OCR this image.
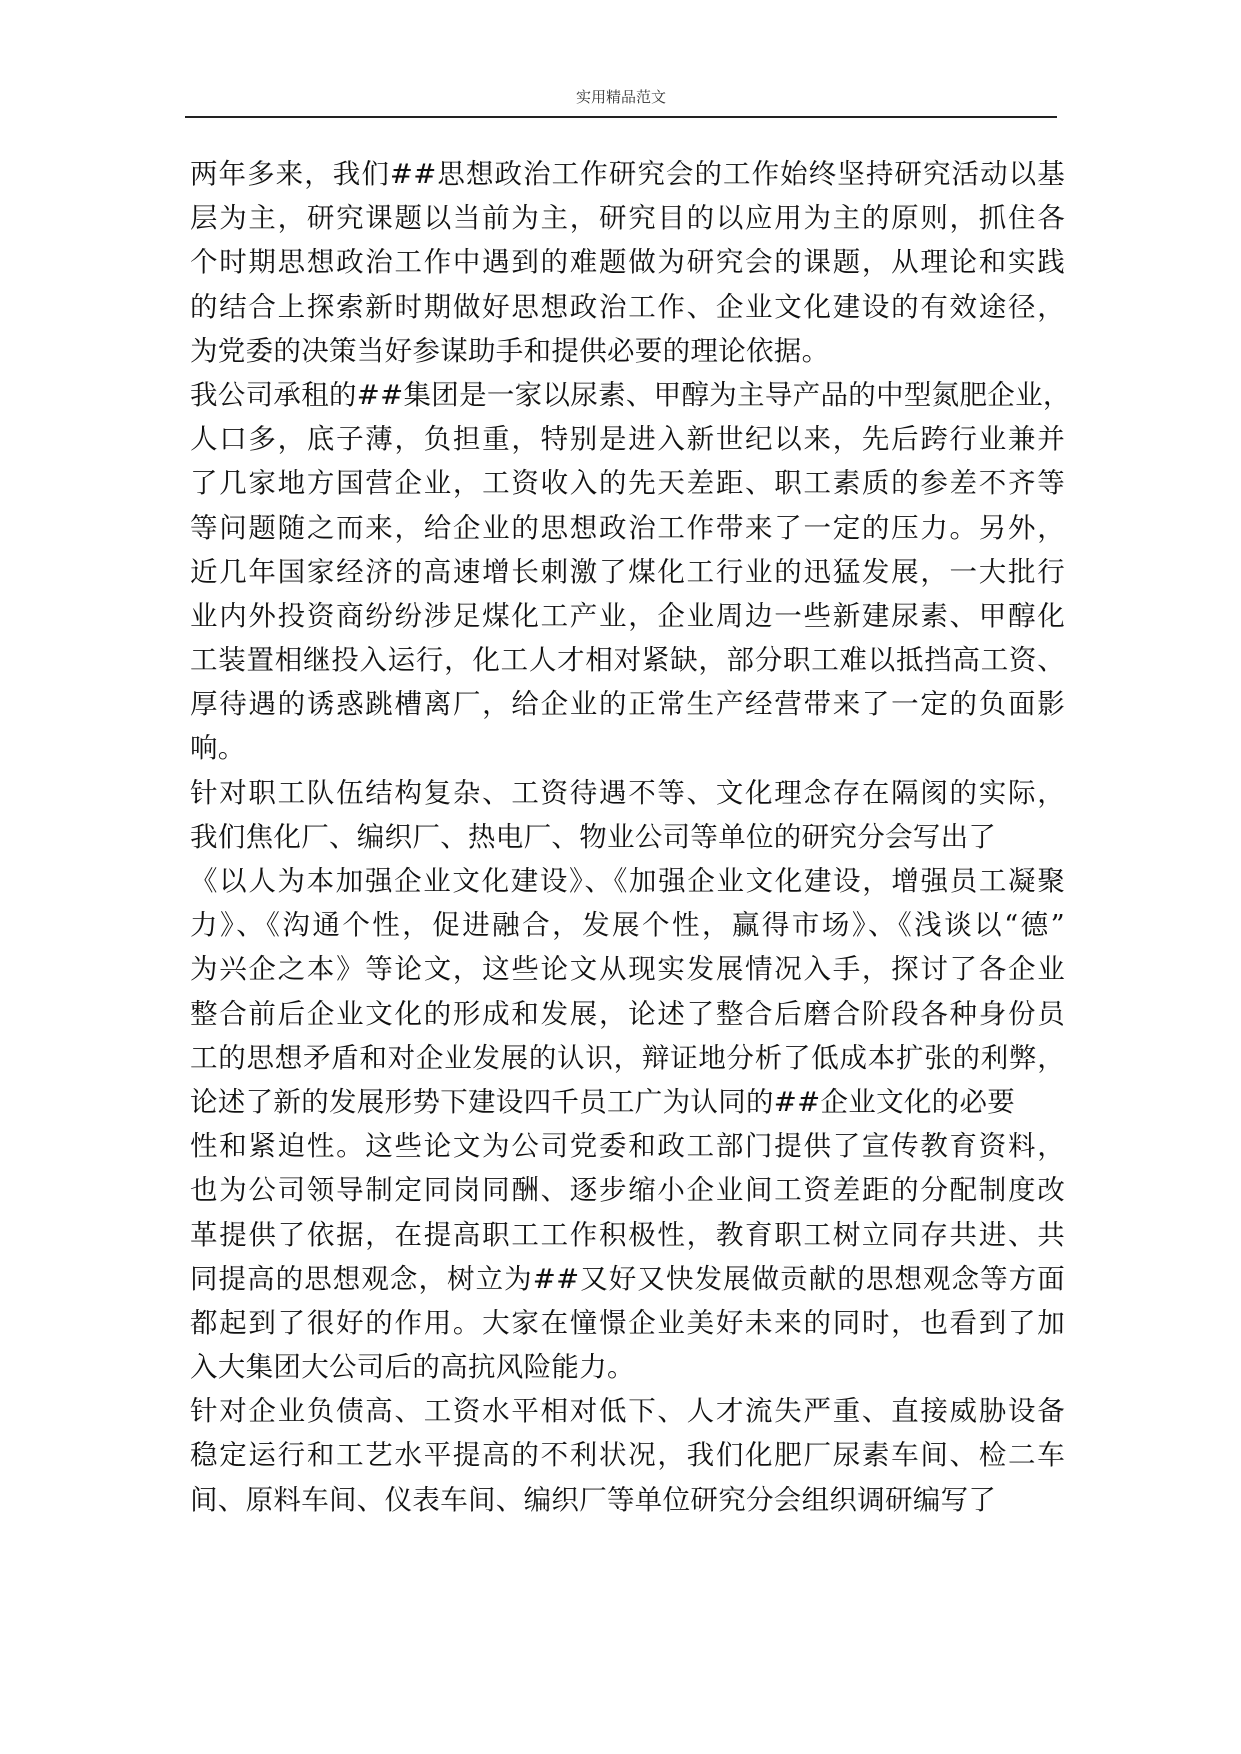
实用精品范文
两年多来，我们##思想政治工作研究会的工作始终坚持研究活动以基
层为主，研究课题以当前为主，研究目的以应用为主的原则，抓住各
个时期思想政治工作中遇到的难题做为研究会的课题，从理论和实践
的结合上探索新时期做好思想政治工作、企业文化建设的有效途径，
为党委的决策当好参谋助手和提供必要的理论依据。
我公司承租的##集团是一家以尿素、甲醇为主导产品的中型氮肥企业，
人口多，底子薄，负担重，特别是进入新世纪以来，先后跨行业兼并
了几家地方国营企业，工资收入的先天差距、职工素质的参差不齐等
等问题随之而来，给企业的思想政治工作带来了一定的压力。另外，
近几年国家经济的高速增长刺激了煤化工行业的迅猛发展，一大批行
业内外投资商纷纷涉足煤化工产业，企业周边一些新建尿素、甲醇化
工装置相继投入运行，化工人才相对紧缺，部分职工难以抵挡高工资、
厚待遇的诱惑跳槽离厂，给企业的正常生产经营带来了一定的负面影
响。
针对职工队伍结构复杂、工资待遇不等、文化理念存在隔阂的实际，
我们焦化厂、编织厂、热电厂、物业公司等单位的研究分会写出了
《以人为本加强企业文化建设》、《加强企业文化建设，增强员工凝聚
力》、《沟通个性，促进融合，发展个性，赢得市场》、《浅谈以“德”
为兴企之本》等论文，这些论文从现实发展情况入手，探讨了各企业
整合前后企业文化的形成和发展，论述了整合后磨合阶段各种身份员
工的思想矛盾和对企业发展的认识，辩证地分析了低成本扩张的利弊，
论述了新的发展形势下建设四千员工广为认同的##企业文化的必要
性和紧迫性。这些论文为公司党委和政工部门提供了宣传教育资料，
也为公司领导制定同岗同酬、逐步缩小企业间工资差距的分配制度改
革提供了依据，在提高职工工作积极性，教育职工树立同存共进、共
同提高的思想观念，树立为##又好又快发展做贡献的思想观念等方面
都起到了很好的作用。大家在憧憬企业美好未来的同时，也看到了加
入大集团大公司后的高抗风险能力。
针对企业负债高、工资水平相对低下、人才流失严重、直接威胁设备
稳定运行和工艺水平提高的不利状况，我们化肥厂尿素车间、检二车
间、原料车间、仪表车间、编织厂等单位研究分会组织调研编写了
